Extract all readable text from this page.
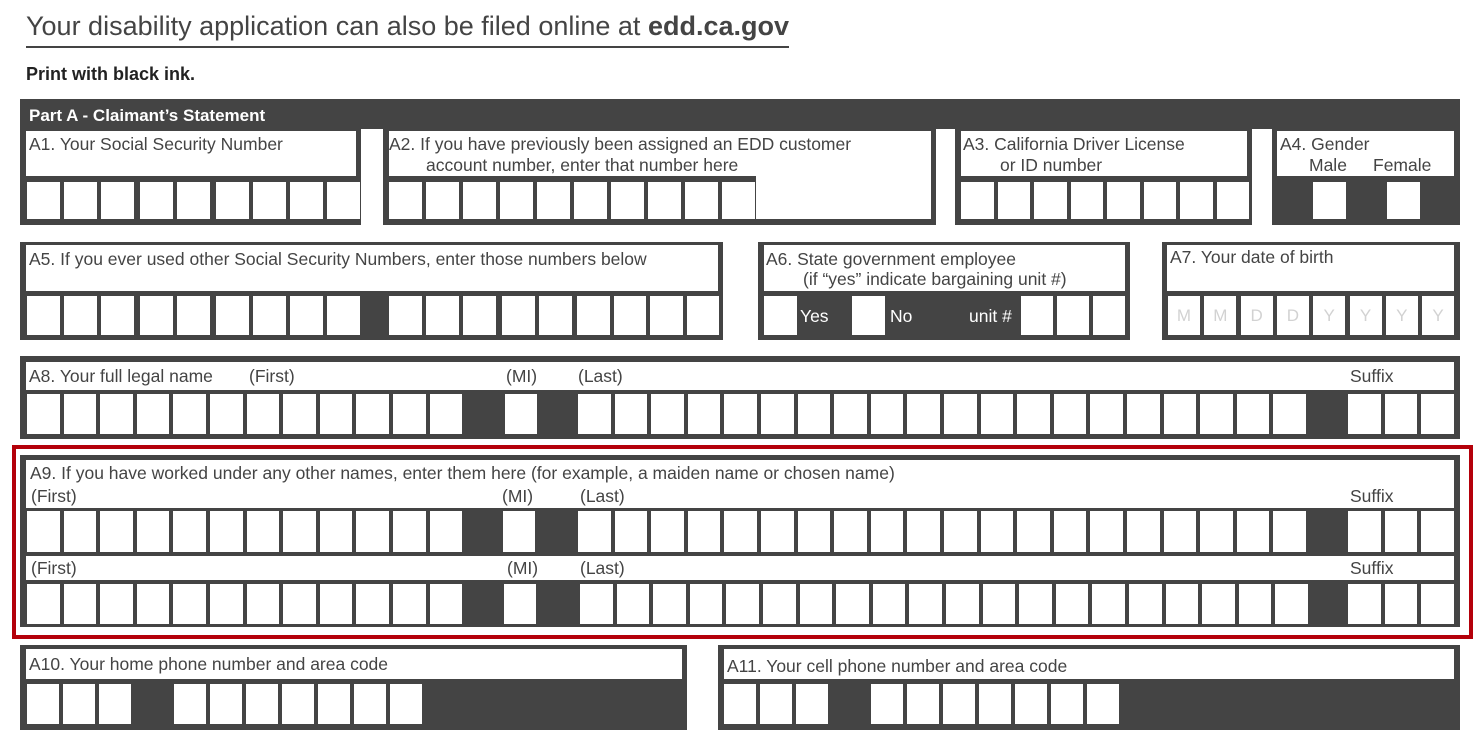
Your disability application can also be filed online at edd.ca.gov
Print with black ink.
Part A - Claimant’s Statement
A1. Your Social Security Number	A2. If you have previously been assigned an EDD customer
account number, enter that number here
A3. California Driver License
or ID number
A4. Gender
Male Female
A5. If you ever used other Social Security Numbers, enter those numbers below	A6. State government employee
(if “yes” indicate bargaining unit #)
Yes	No	unit #
A7. Your date of birth
M	M	D	D	Y	Y	Y	Y
A8. Your full legal name (First)	(MI) (Last)	Suffix
A9. If you have worked under any other names, enter them here (for example, a maiden name or chosen name)
(First)	(MI)	(Last)	Suffix
(First)	(MI) (Last)	Suffix
A10. Your home phone number and area code	A11. Your cell phone number and area code
